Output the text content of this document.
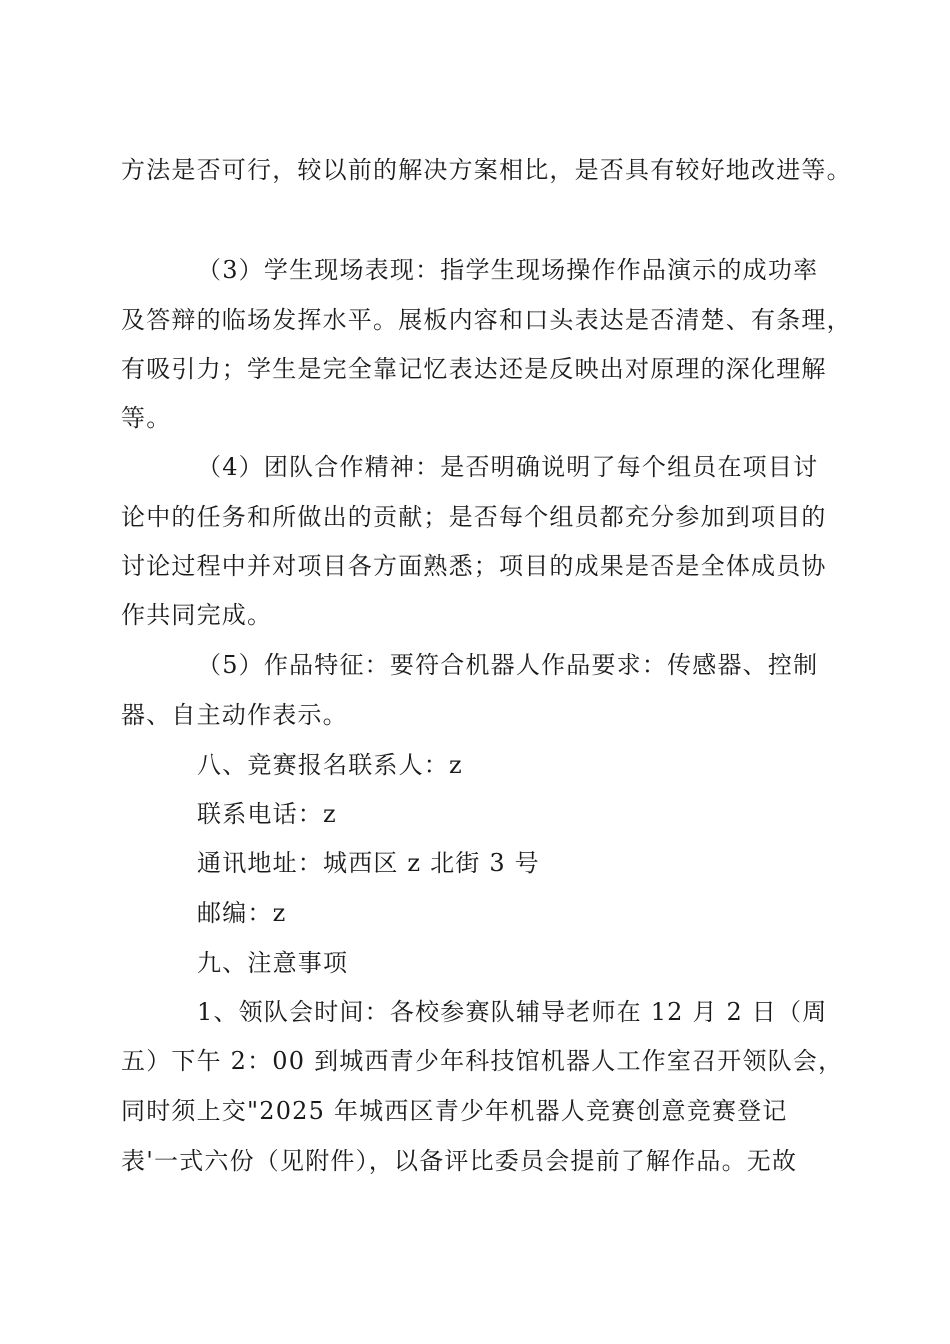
方法是否可行，较以前的解决方案相比，是否具有较好地改进等。
（3）学生现场表现：指学生现场操作作品演示的成功率
及答辩的临场发挥水平。展板内容和口头表达是否清楚、有条理，
有吸引力；学生是完全靠记忆表达还是反映出对原理的深化理解
等。
（4）团队合作精神：是否明确说明了每个组员在项目讨
论中的任务和所做出的贡献；是否每个组员都充分参加到项目的
讨论过程中并对项目各方面熟悉；项目的成果是否是全体成员协
作共同完成。
（5）作品特征：要符合机器人作品要求：传感器、控制
器、自主动作表示。
八、竞赛报名联系人：z
联系电话：z
通讯地址：城西区 z 北街 3 号
邮编：z
九、注意事项
1、领队会时间：各校参赛队辅导老师在 12 月 2 日（周
五）下午 2：00 到城西青少年科技馆机器人工作室召开领队会，
同时须上交"2025 年城西区青少年机器人竞赛创意竞赛登记
表'一式六份（见附件），以备评比委员会提前了解作品。无故
